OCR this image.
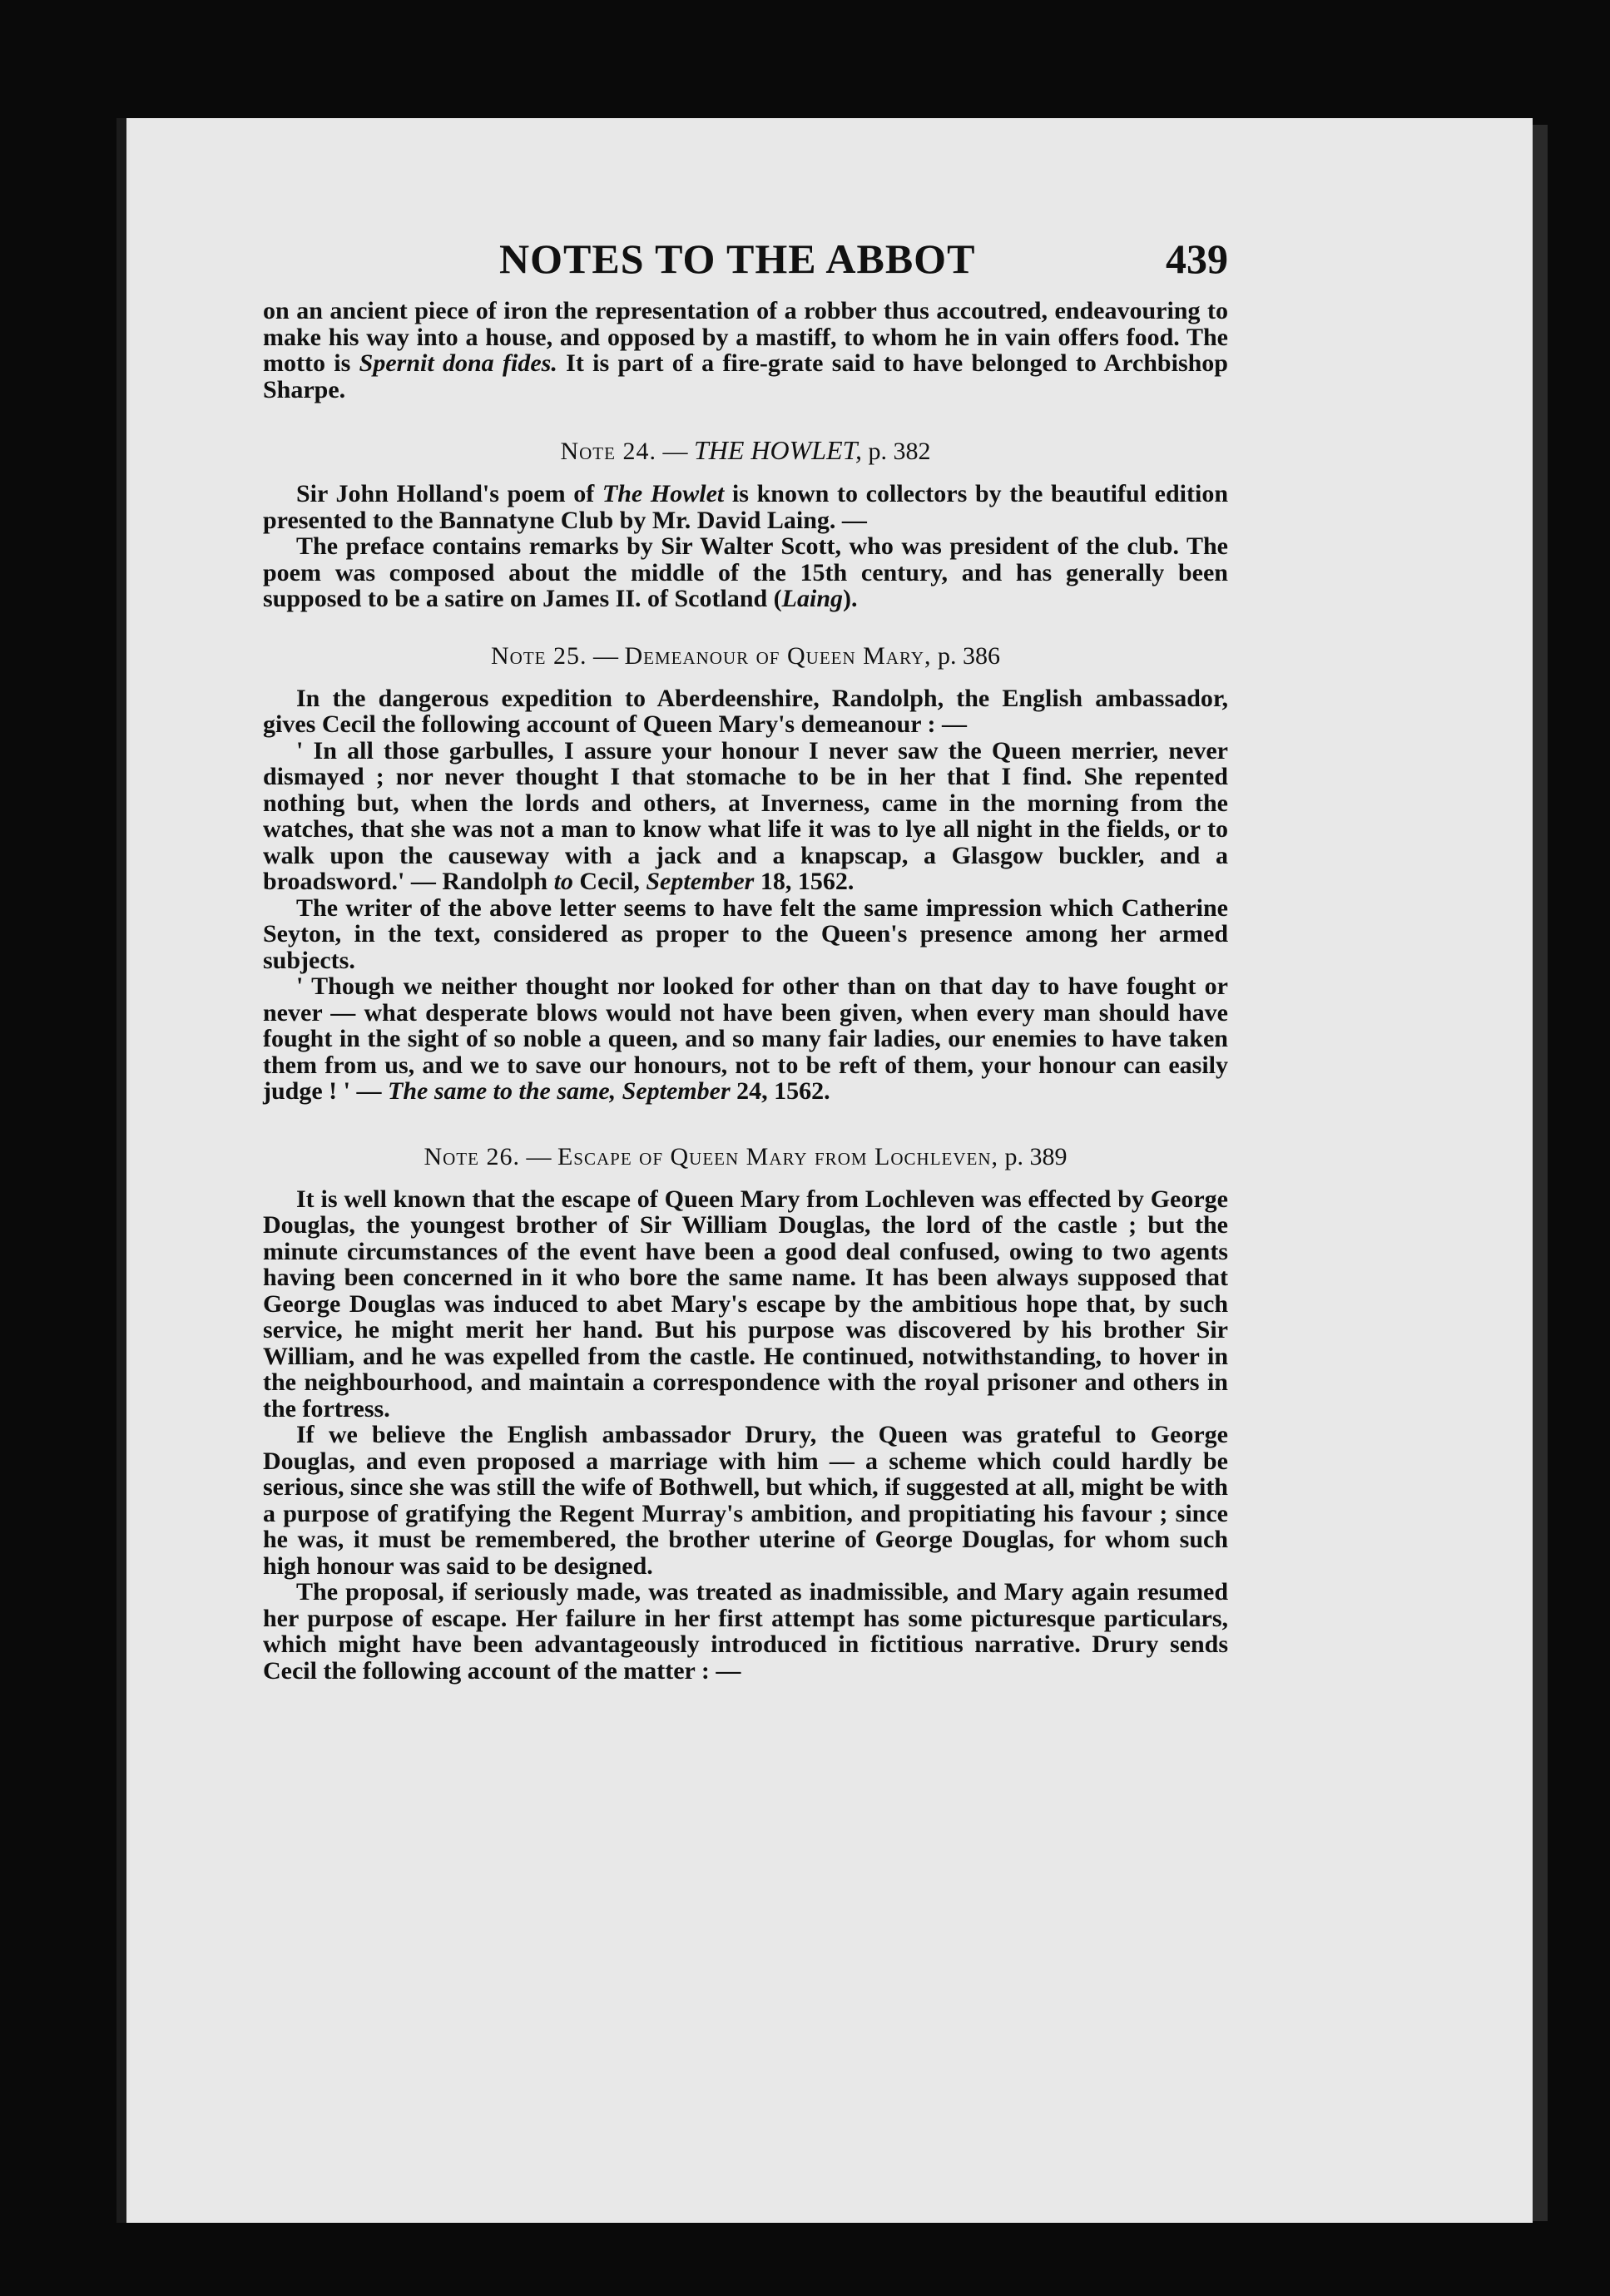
NOTES TO THE ABBOT	439

on an ancient piece of iron the representation of a robber thus accoutred, endeavouring to make his way into a house, and opposed by a mastiff, to whom he in vain offers food. The motto is Spernit dona fides. It is part of a fire-grate said to have belonged to Archbishop Sharpe.

Note 24. — THE HOWLET, p. 382

Sir John Holland's poem of The Howlet is known to collectors by the beautiful edition presented to the Bannatyne Club by Mr. David Laing. —

The preface contains remarks by Sir Walter Scott, who was president of the club. The poem was composed about the middle of the 15th century, and has generally been supposed to be a satire on James II. of Scotland (Laing).

Note 25. — Demeanour of Queen Mary, p. 386

In the dangerous expedition to Aberdeenshire, Randolph, the English ambassador, gives Cecil the following account of Queen Mary's demeanour : —

' In all those garbulles, I assure your honour I never saw the Queen merrier, never dismayed ; nor never thought I that stomache to be in her that I find. She repented nothing but, when the lords and others, at Inverness, came in the morning from the watches, that she was not a man to know what life it was to lye all night in the fields, or to walk upon the causeway with a jack and a knapscap, a Glasgow buckler, and a broadsword.' — Randolph to Cecil, September 18, 1562.

The writer of the above letter seems to have felt the same impression which Catherine Seyton, in the text, considered as proper to the Queen's presence among her armed subjects.

' Though we neither thought nor looked for other than on that day to have fought or never — what desperate blows would not have been given, when every man should have fought in the sight of so noble a queen, and so many fair ladies, our enemies to have taken them from us, and we to save our honours, not to be reft of them, your honour can easily judge ! ' — The same to the same, September 24, 1562.

Note 26. — Escape of Queen Mary from Lochleven, p. 389

It is well known that the escape of Queen Mary from Lochleven was effected by George Douglas, the youngest brother of Sir William Douglas, the lord of the castle ; but the minute circumstances of the event have been a good deal confused, owing to two agents having been concerned in it who bore the same name. It has been always supposed that George Douglas was induced to abet Mary's escape by the ambitious hope that, by such service, he might merit her hand. But his purpose was discovered by his brother Sir William, and he was expelled from the castle. He continued, notwithstanding, to hover in the neighbourhood, and maintain a correspondence with the royal prisoner and others in the fortress.

If we believe the English ambassador Drury, the Queen was grateful to George Douglas, and even proposed a marriage with him — a scheme which could hardly be serious, since she was still the wife of Bothwell, but which, if suggested at all, might be with a purpose of gratifying the Regent Murray's ambition, and propitiating his favour ; since he was, it must be remembered, the brother uterine of George Douglas, for whom such high honour was said to be designed.

The proposal, if seriously made, was treated as inadmissible, and Mary again resumed her purpose of escape. Her failure in her first attempt has some picturesque particulars, which might have been advantageously introduced in fictitious narrative. Drury sends Cecil the following account of the matter : —
